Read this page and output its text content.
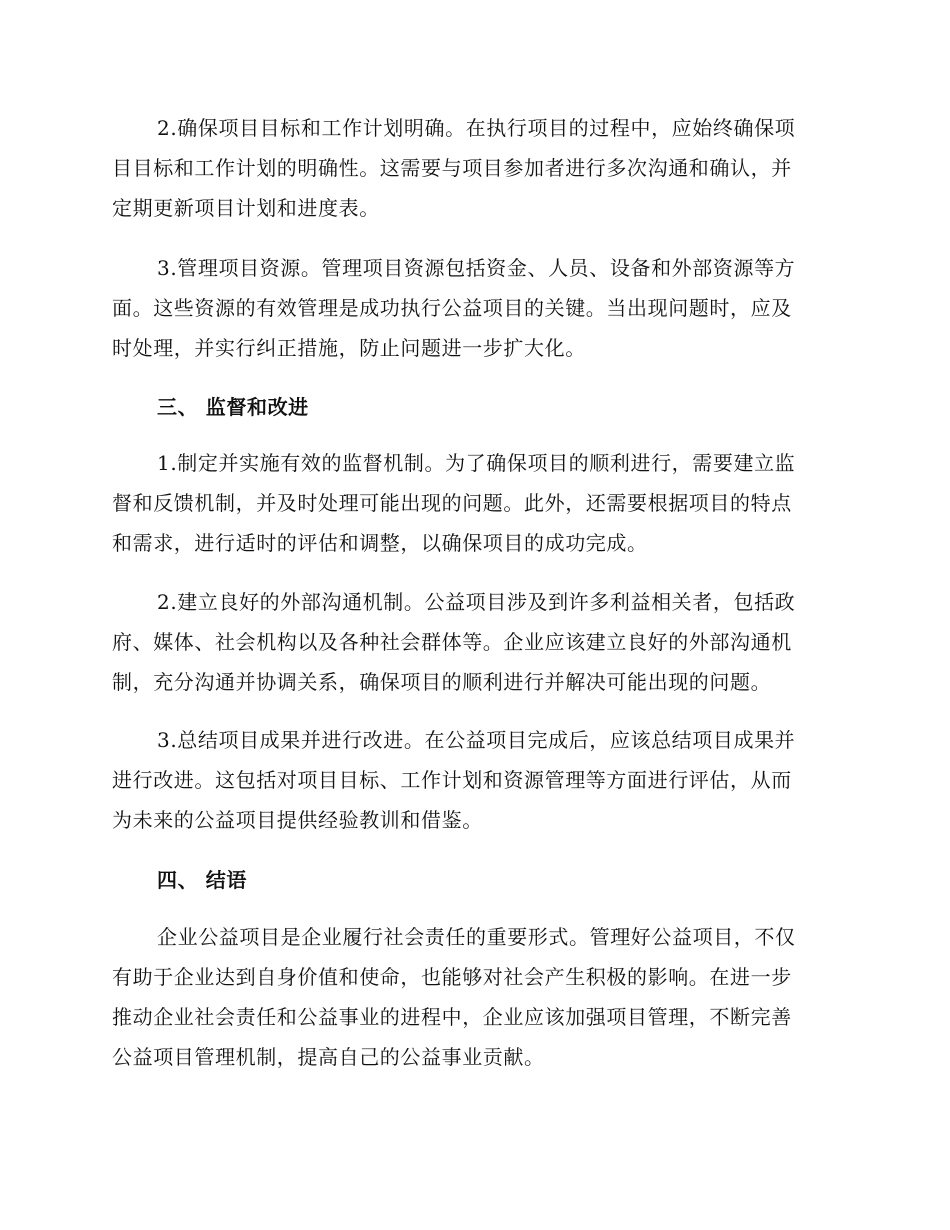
2.确保项目目标和工作计划明确。在执行项目的过程中，应始终确保项
目目标和工作计划的明确性。这需要与项目参加者进行多次沟通和确认，并
定期更新项目计划和进度表。
3.管理项目资源。管理项目资源包括资金、人员、设备和外部资源等方
面。这些资源的有效管理是成功执行公益项目的关键。当出现问题时，应及
时处理，并实行纠正措施，防止问题进一步扩大化。
三、 监督和改进
1.制定并实施有效的监督机制。为了确保项目的顺利进行，需要建立监
督和反馈机制，并及时处理可能出现的问题。此外，还需要根据项目的特点
和需求，进行适时的评估和调整，以确保项目的成功完成。
2.建立良好的外部沟通机制。公益项目涉及到许多利益相关者，包括政
府、媒体、社会机构以及各种社会群体等。企业应该建立良好的外部沟通机
制，充分沟通并协调关系，确保项目的顺利进行并解决可能出现的问题。
3.总结项目成果并进行改进。在公益项目完成后，应该总结项目成果并
进行改进。这包括对项目目标、工作计划和资源管理等方面进行评估，从而
为未来的公益项目提供经验教训和借鉴。
四、 结语
企业公益项目是企业履行社会责任的重要形式。管理好公益项目，不仅
有助于企业达到自身价值和使命，也能够对社会产生积极的影响。在进一步
推动企业社会责任和公益事业的进程中，企业应该加强项目管理，不断完善
公益项目管理机制，提高自己的公益事业贡献。
